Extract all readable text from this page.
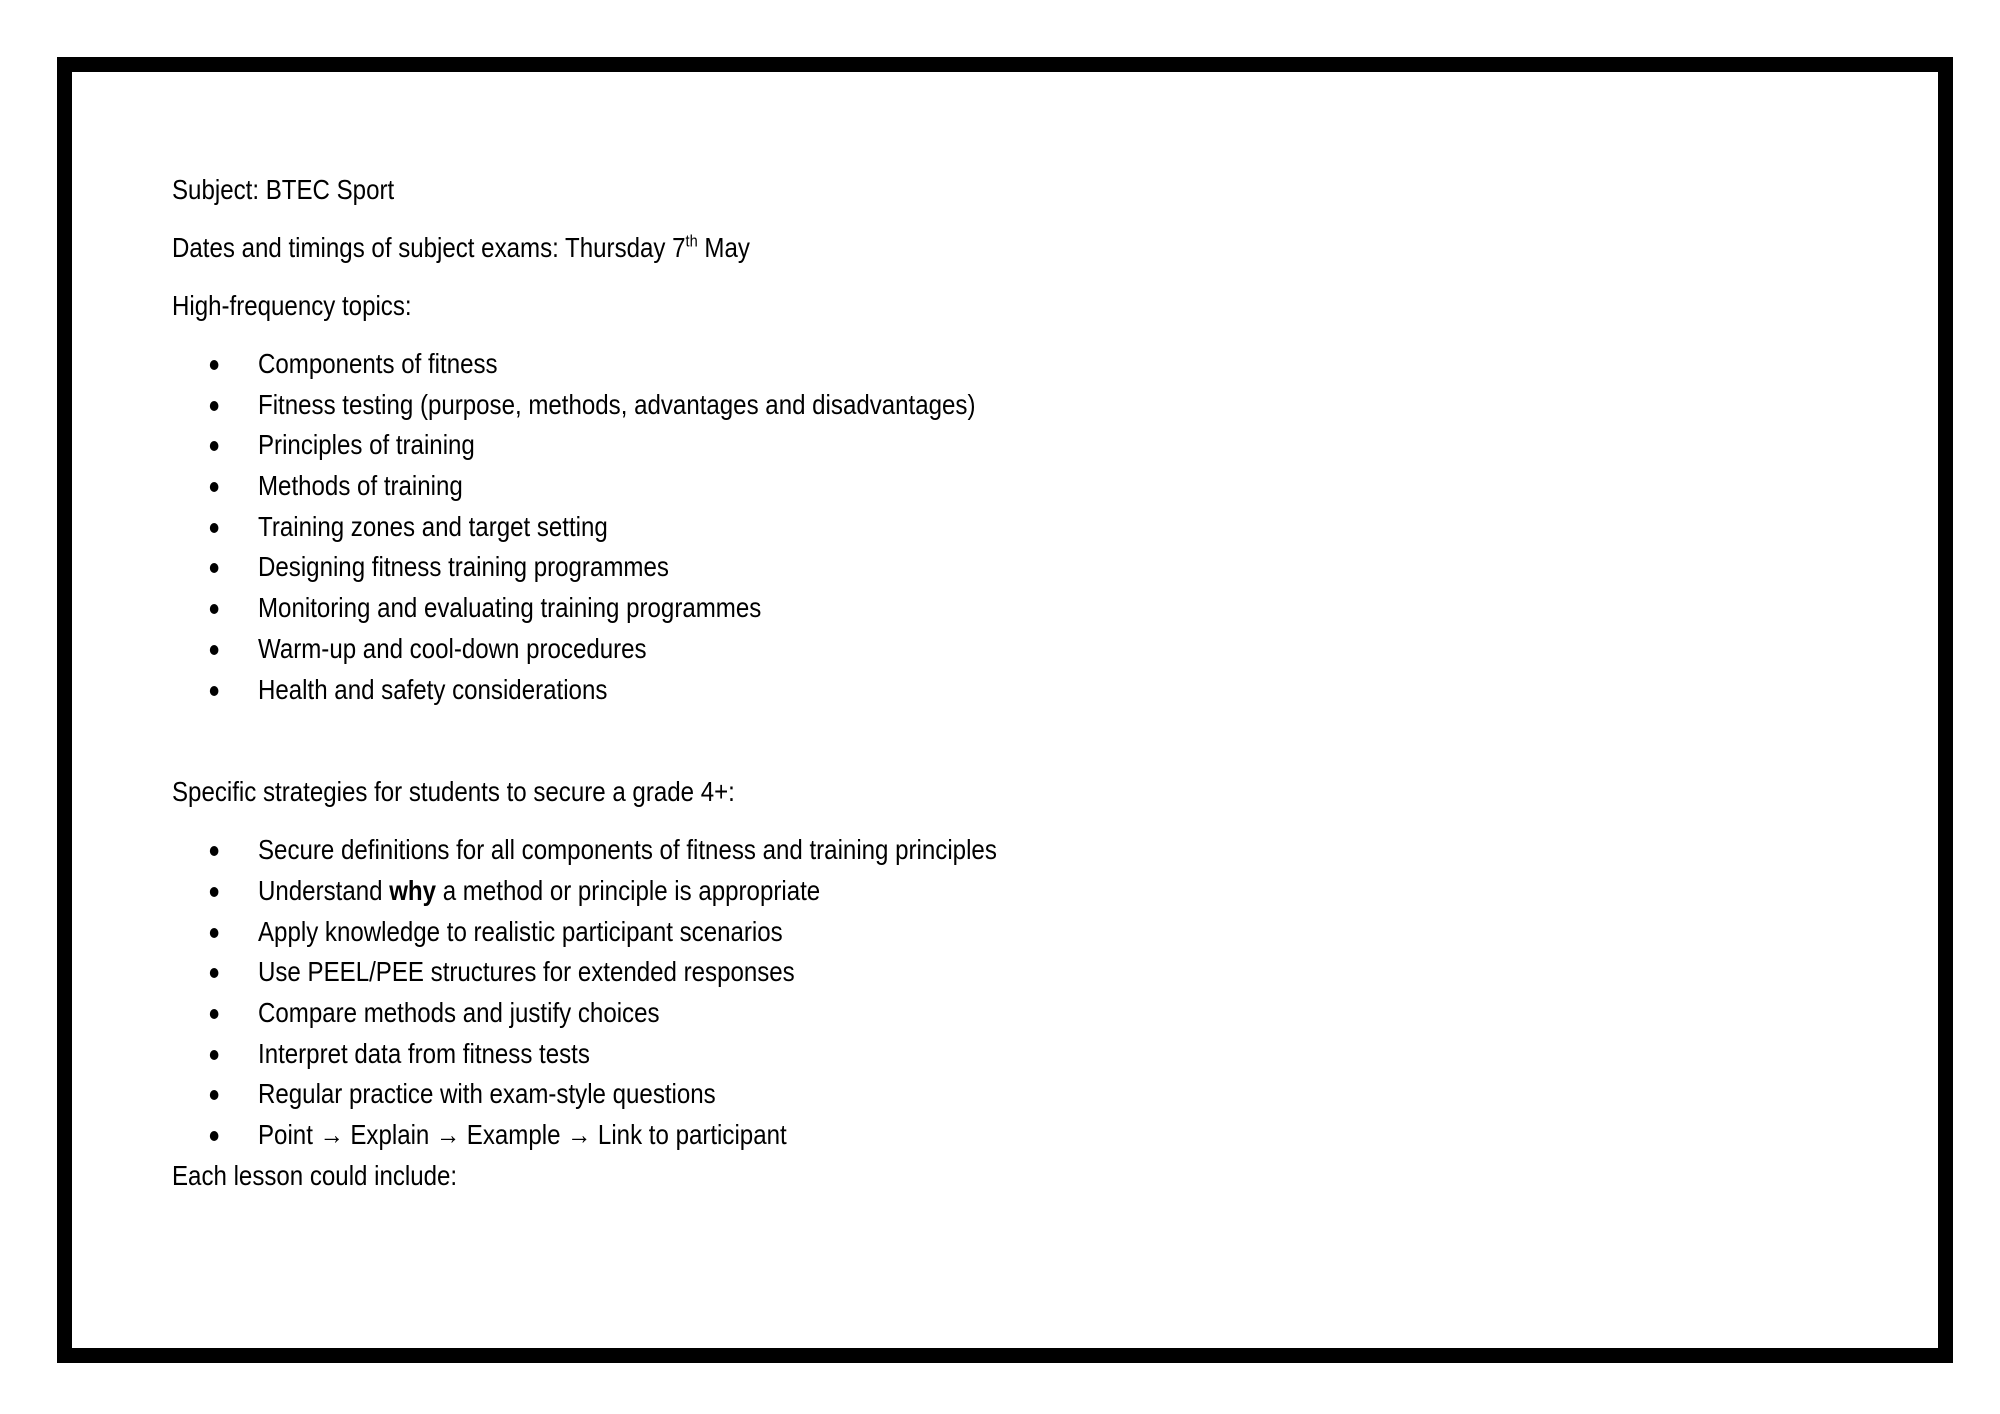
Subject: BTEC Sport

Dates and timings of subject exams: Thursday 7th May

High-frequency topics:

Components of fitness
Fitness testing (purpose, methods, advantages and disadvantages)
Principles of training
Methods of training
Training zones and target setting
Designing fitness training programmes
Monitoring and evaluating training programmes
Warm-up and cool-down procedures
Health and safety considerations

Specific strategies for students to secure a grade 4+:

Secure definitions for all components of fitness and training principles
Understand why a method or principle is appropriate
Apply knowledge to realistic participant scenarios
Use PEEL/PEE structures for extended responses
Compare methods and justify choices
Interpret data from fitness tests
Regular practice with exam-style questions
Point → Explain → Example → Link to participant

Each lesson could include:
